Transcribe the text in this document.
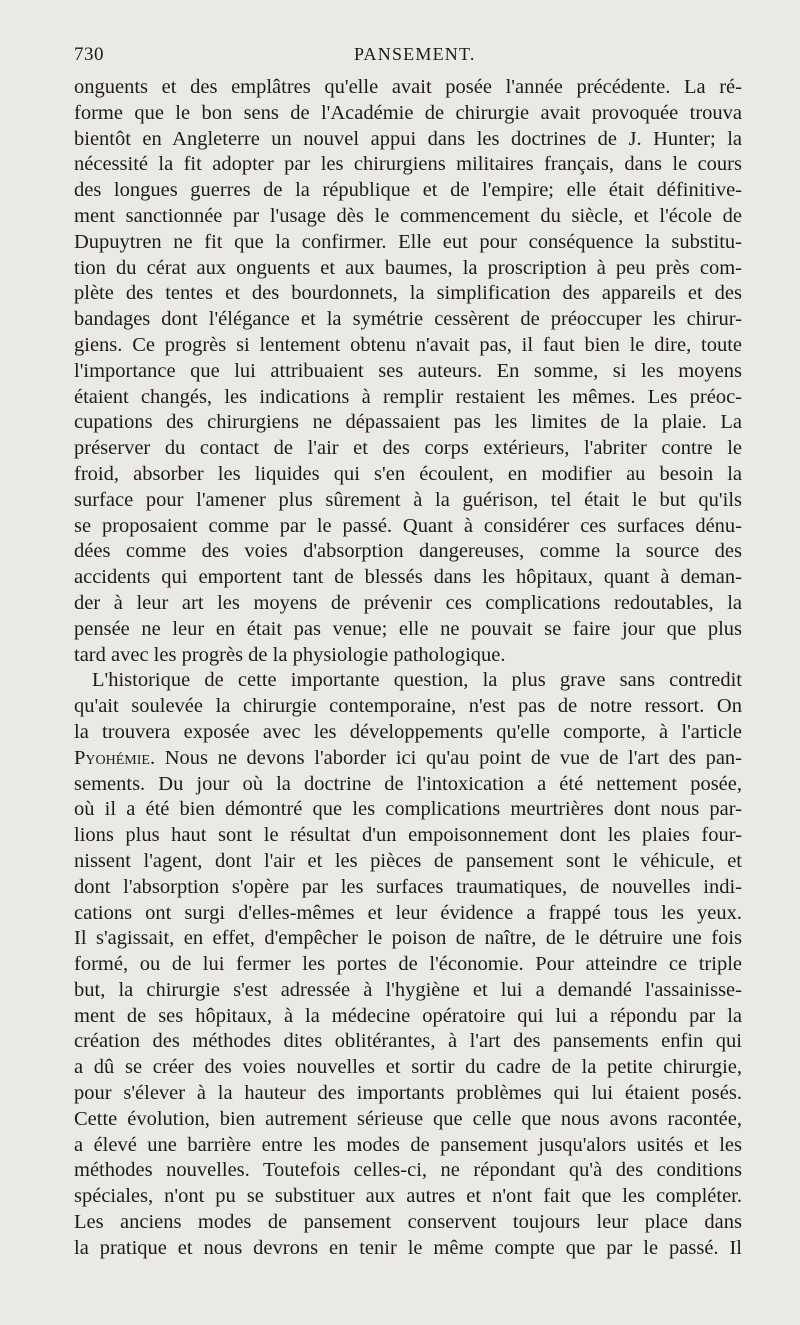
730	PANSEMENT.
onguents et des emplâtres qu'elle avait posée l'année précédente. La ré-
forme que le bon sens de l'Académie de chirurgie avait provoquée trouva
bientôt en Angleterre un nouvel appui dans les doctrines de J. Hunter; la
nécessité la fit adopter par les chirurgiens militaires français, dans le cours
des longues guerres de la république et de l'empire; elle était définitive-
ment sanctionnée par l'usage dès le commencement du siècle, et l'école de
Dupuytren ne fit que la confirmer. Elle eut pour conséquence la substitu-
tion du cérat aux onguents et aux baumes, la proscription à peu près com-
plète des tentes et des bourdonnets, la simplification des appareils et des
bandages dont l'élégance et la symétrie cessèrent de préoccuper les chirur-
giens. Ce progrès si lentement obtenu n'avait pas, il faut bien le dire, toute
l'importance que lui attribuaient ses auteurs. En somme, si les moyens
étaient changés, les indications à remplir restaient les mêmes. Les préoc-
cupations des chirurgiens ne dépassaient pas les limites de la plaie. La
préserver du contact de l'air et des corps extérieurs, l'abriter contre le
froid, absorber les liquides qui s'en écoulent, en modifier au besoin la
surface pour l'amener plus sûrement à la guérison, tel était le but qu'ils
se proposaient comme par le passé. Quant à considérer ces surfaces dénu-
dées comme des voies d'absorption dangereuses, comme la source des
accidents qui emportent tant de blessés dans les hôpitaux, quant à deman-
der à leur art les moyens de prévenir ces complications redoutables, la
pensée ne leur en était pas venue; elle ne pouvait se faire jour que plus
tard avec les progrès de la physiologie pathologique.
L'historique de cette importante question, la plus grave sans contredit
qu'ait soulevée la chirurgie contemporaine, n'est pas de notre ressort. On
la trouvera exposée avec les développements qu'elle comporte, à l'article
Pyohémie. Nous ne devons l'aborder ici qu'au point de vue de l'art des pan-
sements. Du jour où la doctrine de l'intoxication a été nettement posée,
où il a été bien démontré que les complications meurtrières dont nous par-
lions plus haut sont le résultat d'un empoisonnement dont les plaies four-
nissent l'agent, dont l'air et les pièces de pansement sont le véhicule, et
dont l'absorption s'opère par les surfaces traumatiques, de nouvelles indi-
cations ont surgi d'elles-mêmes et leur évidence a frappé tous les yeux.
Il s'agissait, en effet, d'empêcher le poison de naître, de le détruire une fois
formé, ou de lui fermer les portes de l'économie. Pour atteindre ce triple
but, la chirurgie s'est adressée à l'hygiène et lui a demandé l'assainisse-
ment de ses hôpitaux, à la médecine opératoire qui lui a répondu par la
création des méthodes dites oblitérantes, à l'art des pansements enfin qui
a dû se créer des voies nouvelles et sortir du cadre de la petite chirurgie,
pour s'élever à la hauteur des importants problèmes qui lui étaient posés.
Cette évolution, bien autrement sérieuse que celle que nous avons racontée,
a élevé une barrière entre les modes de pansement jusqu'alors usités et les
méthodes nouvelles. Toutefois celles-ci, ne répondant qu'à des conditions
spéciales, n'ont pu se substituer aux autres et n'ont fait que les compléter.
Les anciens modes de pansement conservent toujours leur place dans
la pratique et nous devrons en tenir le même compte que par le passé. Il
